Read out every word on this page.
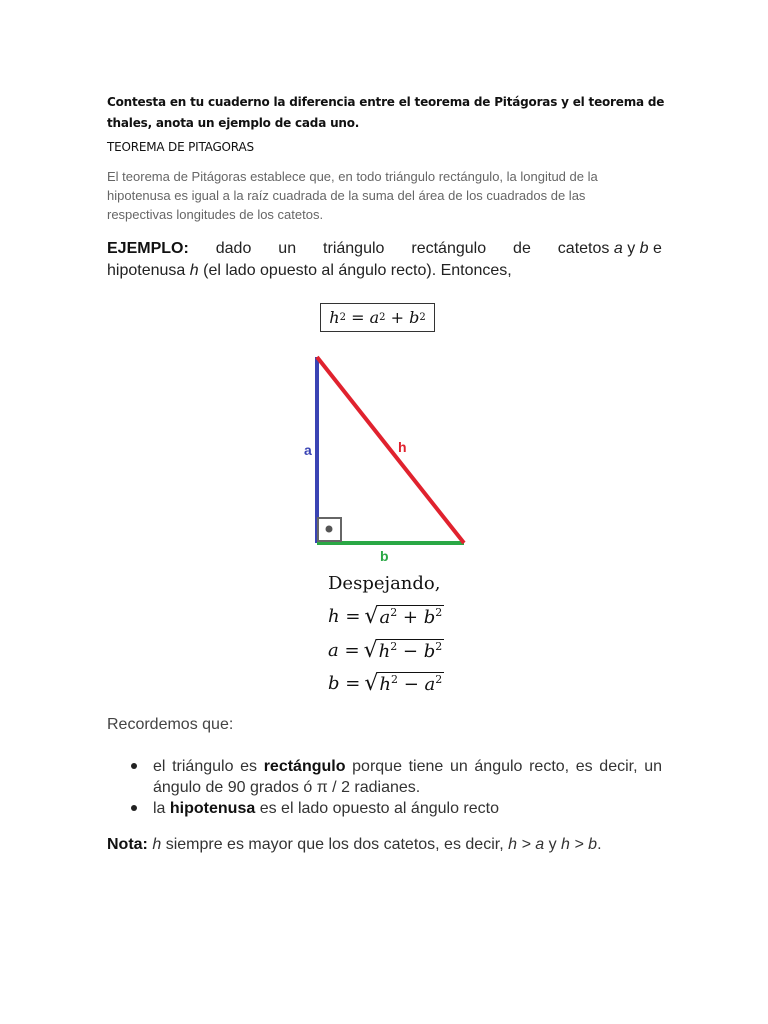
Contesta en tu cuaderno la diferencia entre el teorema de Pitágoras y el teorema de thales, anota un ejemplo de cada uno.
TEOREMA DE PITAGORAS
El teorema de Pitágoras establece que, en todo triángulo rectángulo, la longitud de la hipotenusa es igual a la raíz cuadrada de la suma del área de los cuadrados de las respectivas longitudes de los catetos.
EJEMPLO: dado un triángulo rectángulo de catetos a y b e
hipotenusa h (el lado opuesto al ángulo recto). Entonces,
h 2
=
a 2
+
b 2
a	h
b
Despejando,
h
= √ $a^2 + b^2$
a
= √ $h^2 - b^2$
b
= √ $h^2 - a^2$
Recordemos que:
el triángulo es rectángulo porque tiene un ángulo recto, es decir, un ángulo de 90 grados ó π / 2 radianes.
la hipotenusa es el lado opuesto al ángulo recto
Nota: h siempre es mayor que los dos catetos, es decir, h > a y h > b.
